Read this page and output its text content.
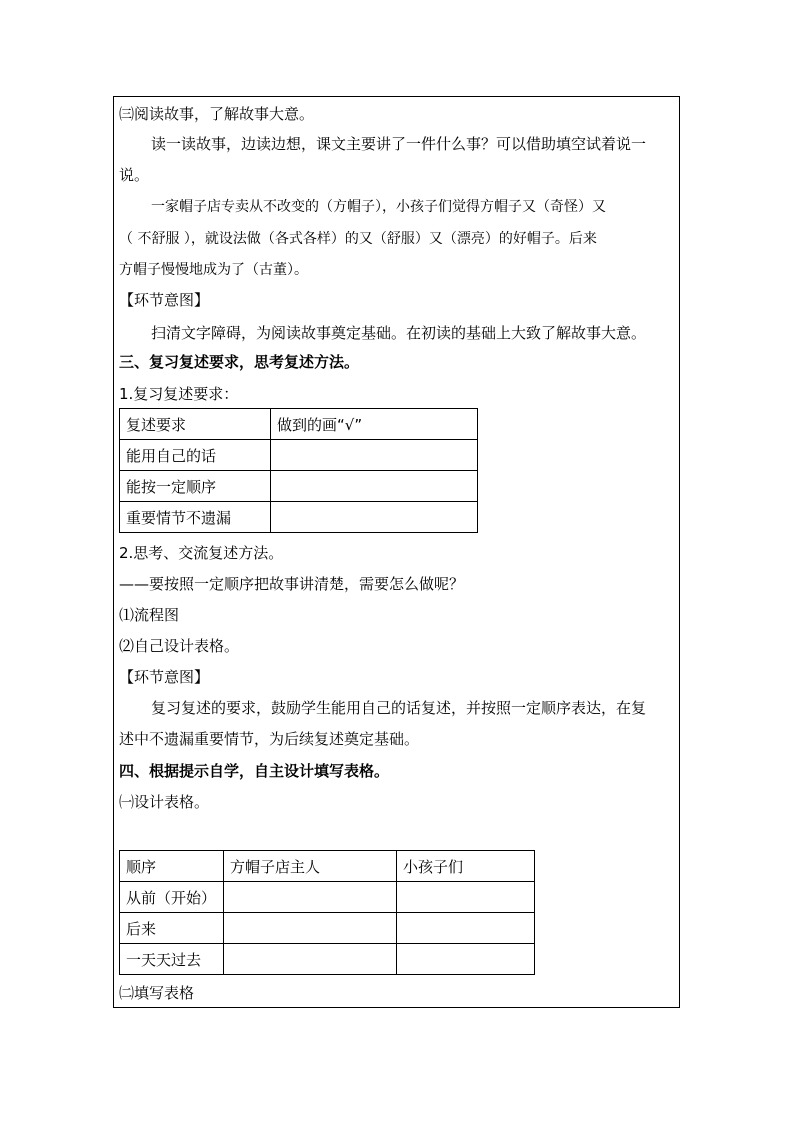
㈢阅读故事，了解故事大意。
读一读故事，边读边想，课文主要讲了一件什么事？可以借助填空试着说一
说。
一家帽子店专卖从不改变的（方帽子），小孩子们觉得方帽子又（奇怪）又
（ 不舒服 ），就设法做（各式各样）的又（舒服）又（漂亮）的好帽子。后来
方帽子慢慢地成为了（古董）。
【环节意图】
扫清文字障碍，为阅读故事奠定基础。在初读的基础上大致了解故事大意。
三、复习复述要求，思考复述方法。
1.复习复述要求：
复述要求	做到的画“√”
能用自己的话	
能按一定顺序	
重要情节不遗漏	
2.思考、交流复述方法。
——要按照一定顺序把故事讲清楚，需要怎么做呢？
⑴流程图
⑵自己设计表格。
【环节意图】
复习复述的要求，鼓励学生能用自己的话复述，并按照一定顺序表达，在复
述中不遗漏重要情节，为后续复述奠定基础。
四、根据提示自学，自主设计填写表格。
㈠设计表格。
顺序	方帽子店主人	小孩子们
从前（开始）		
后来		
一天天过去		
㈡填写表格
